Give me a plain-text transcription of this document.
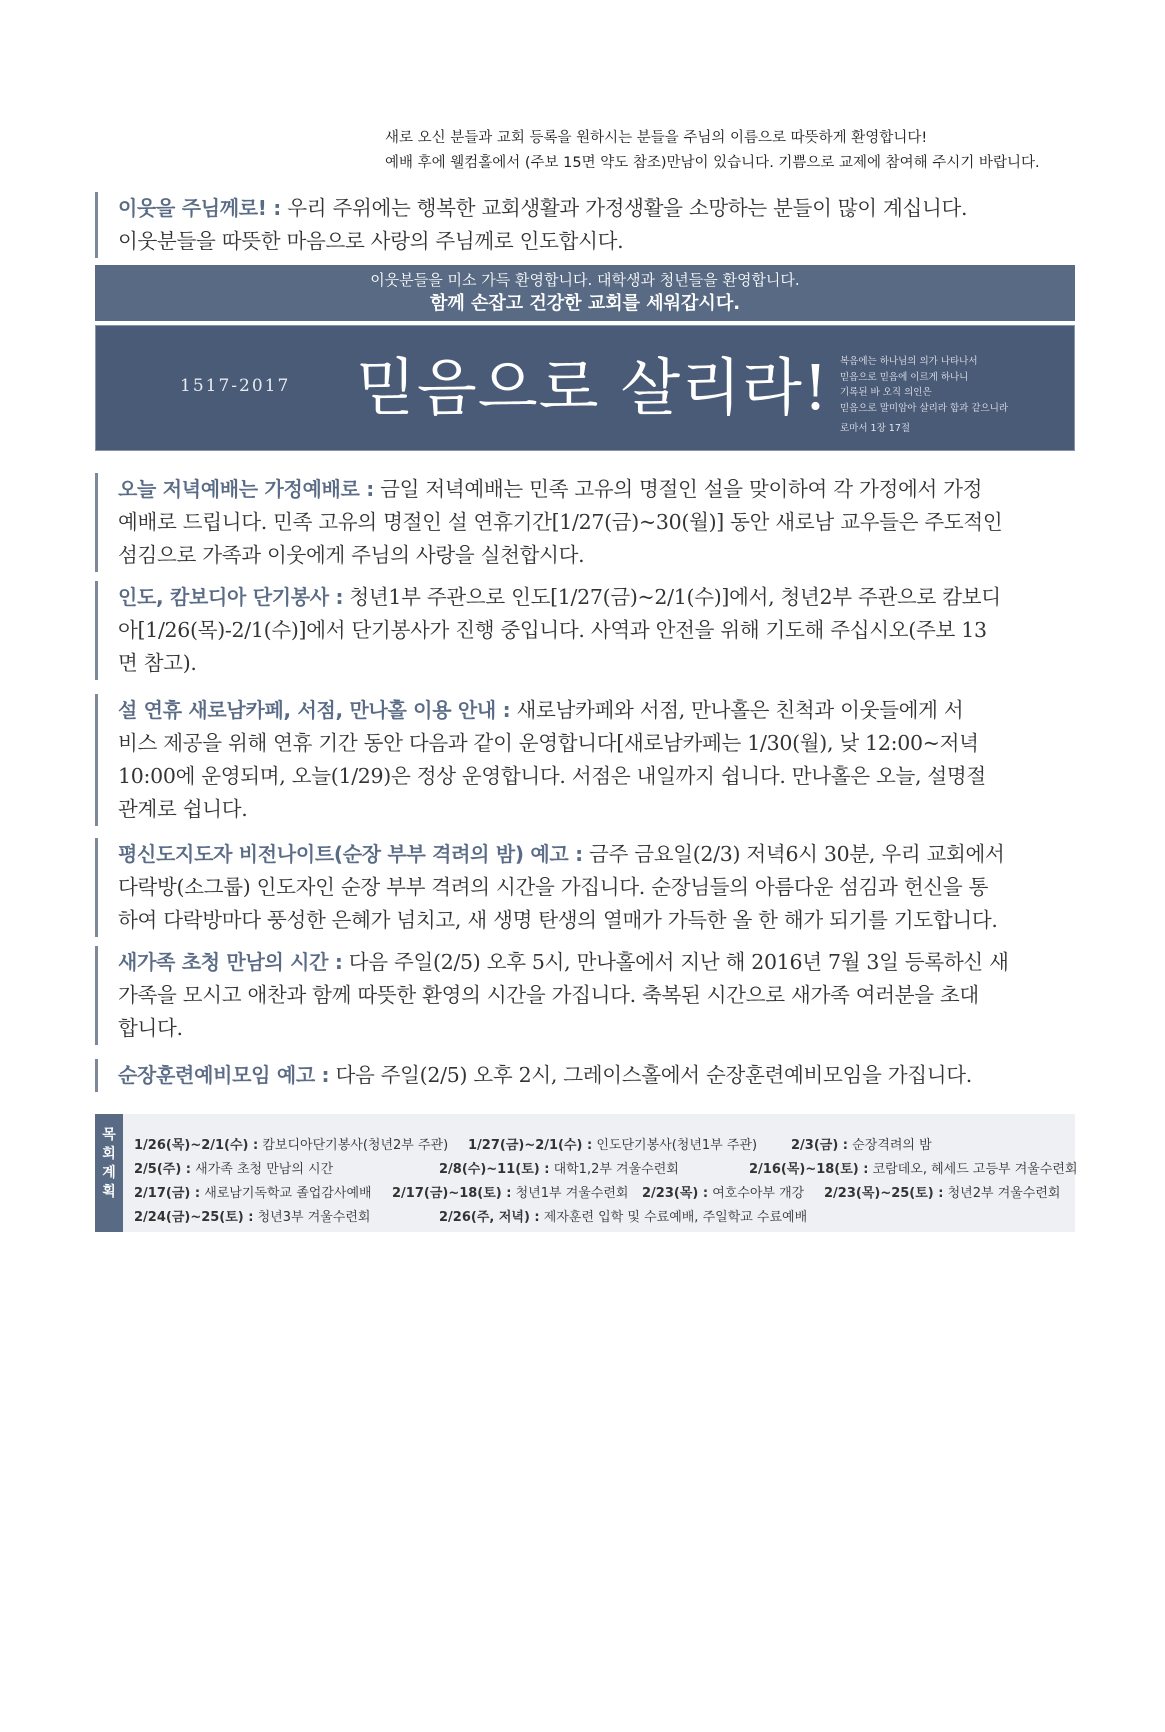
새로 오신 분들과 교회 등록을 원하시는 분들을 주님의 이름으로 따뜻하게 환영합니다!
예배 후에 웰컴홀에서 (주보 15면 약도 참조)만남이 있습니다. 기쁨으로 교제에 참여해 주시기 바랍니다.

이웃을 주님께로! : 우리 주위에는 행복한 교회생활과 가정생활을 소망하는 분들이 많이 계십니다.

이웃분들을 따뜻한 마음으로 사랑의 주님께로 인도합시다.

이웃분들을 미소 가득 환영합니다. 대학생과 청년들을 환영합니다.
함께 손잡고 건강한 교회를 세워갑시다.
1517-2017 믿음으로 살리라! 복음에는 하나님의 의가 나타나서
믿음으로 믿음에 이르게 하나니
기록된 바 오직 의인은
믿음으로 말미암아 살리라 함과 같으니라
로마서 1장 17절

오늘 저녁예배는 가정예배로 : 금일 저녁예배는 민족 고유의 명절인 설을 맞이하여 각 가정에서 가정

예배로 드립니다. 민족 고유의 명절인 설 연휴기간[1/27(금)~30(월)] 동안 새로남 교우들은 주도적인

섬김으로 가족과 이웃에게 주님의 사랑을 실천합시다.

인도, 캄보디아 단기봉사 : 청년1부 주관으로 인도[1/27(금)~2/1(수)]에서, 청년2부 주관으로 캄보디

아[1/26(목)-2/1(수)]에서 단기봉사가 진행 중입니다. 사역과 안전을 위해 기도해 주십시오(주보 13

면 참고).

설 연휴 새로남카페, 서점, 만나홀 이용 안내 : 새로남카페와 서점, 만나홀은 친척과 이웃들에게 서

비스 제공을 위해 연휴 기간 동안 다음과 같이 운영합니다[새로남카페는 1/30(월), 낮 12:00~저녁

10:00에 운영되며, 오늘(1/29)은 정상 운영합니다. 서점은 내일까지 쉽니다. 만나홀은 오늘, 설명절

관계로 쉽니다.

평신도지도자 비전나이트(순장 부부 격려의 밤) 예고 : 금주 금요일(2/3) 저녁6시 30분, 우리 교회에서

다락방(소그룹) 인도자인 순장 부부 격려의 시간을 가집니다. 순장님들의 아름다운 섬김과 헌신을 통

하여 다락방마다 풍성한 은혜가 넘치고, 새 생명 탄생의 열매가 가득한 올 한 해가 되기를 기도합니다.

새가족 초청 만남의 시간 : 다음 주일(2/5) 오후 5시, 만나홀에서 지난 해 2016년 7월 3일 등록하신 새

가족을 모시고 애찬과 함께 따뜻한 환영의 시간을 가집니다. 축복된 시간으로 새가족 여러분을 초대

합니다.

순장훈련예비모임 예고 : 다음 주일(2/5) 오후 2시, 그레이스홀에서 순장훈련예비모임을 가집니다.

목
회
계
획
1/26(목)~2/1(수) : 캄보디아단기봉사(청년2부 주관) 1/27(금)~2/1(수) : 인도단기봉사(청년1부 주관)	2/3(금) : 순장격려의 밤
2/5(주) : 새가족 초청 만남의 시간	2/8(수)~11(토) : 대학1,2부 겨울수련회	2/16(목)~18(토) : 코람데오, 헤세드 고등부 겨울수련회
2/17(금) : 새로남기독학교 졸업감사예배 2/17(금)~18(토) : 청년1부 겨울수련회 2/23(목) : 여호수아부 개강 2/23(목)~25(토) : 청년2부 겨울수련회
2/24(금)~25(토) : 청년3부 겨울수련회	2/26(주, 저녁) : 제자훈련 입학 및 수료예배, 주일학교 수료예배
